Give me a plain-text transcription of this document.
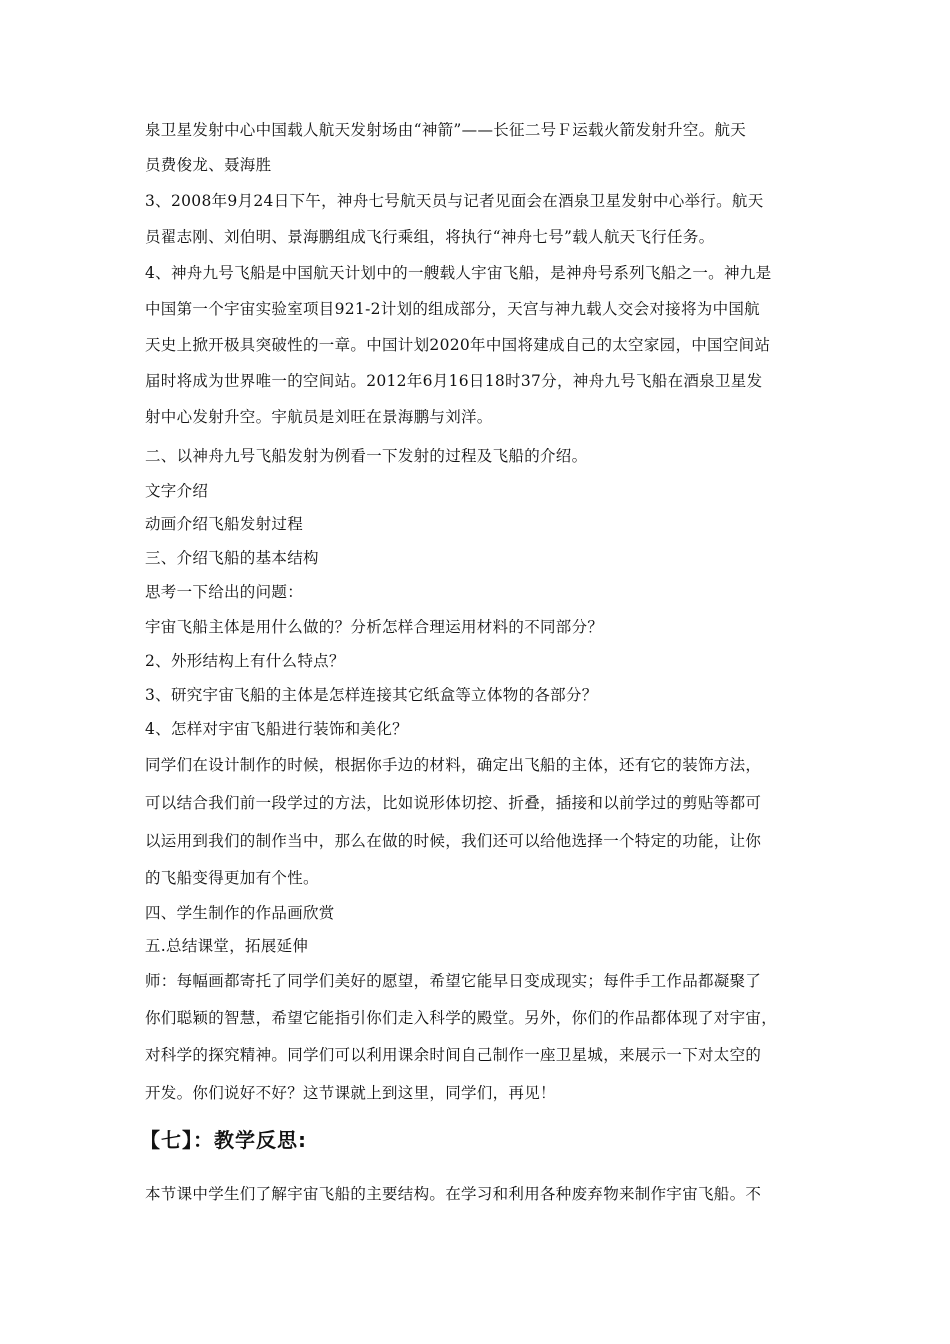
泉卫星发射中心中国载人航天发射场由“神箭”——长征二号Ｆ运载火箭发射升空。航天
员费俊龙、聂海胜
3、2008年9月24日下午，神舟七号航天员与记者见面会在酒泉卫星发射中心举行。航天
员翟志刚、刘伯明、景海鹏组成飞行乘组，将执行“神舟七号”载人航天飞行任务。
4、神舟九号飞船是中国航天计划中的一艘载人宇宙飞船，是神舟号系列飞船之一。神九是
中国第一个宇宙实验室项目921-2计划的组成部分，天宫与神九载人交会对接将为中国航
天史上掀开极具突破性的一章。中国计划2020年中国将建成自己的太空家园，中国空间站
届时将成为世界唯一的空间站。2012年6月16日18时37分，神舟九号飞船在酒泉卫星发
射中心发射升空。宇航员是刘旺在景海鹏与刘洋。
二、以神舟九号飞船发射为例看一下发射的过程及飞船的介绍。
文字介绍
动画介绍飞船发射过程
三、介绍飞船的基本结构
思考一下给出的问题：
宇宙飞船主体是用什么做的？分析怎样合理运用材料的不同部分？
2、外形结构上有什么特点？
3、研究宇宙飞船的主体是怎样连接其它纸盒等立体物的各部分？
4、怎样对宇宙飞船进行装饰和美化？
同学们在设计制作的时候，根据你手边的材料，确定出飞船的主体，还有它的装饰方法，
可以结合我们前一段学过的方法，比如说形体切挖、折叠，插接和以前学过的剪贴等都可
以运用到我们的制作当中，那么在做的时候，我们还可以给他选择一个特定的功能，让你
的飞船变得更加有个性。
四、学生制作的作品画欣赏
五.总结课堂，拓展延伸
师：每幅画都寄托了同学们美好的愿望，希望它能早日变成现实；每件手工作品都凝聚了
你们聪颖的智慧，希望它能指引你们走入科学的殿堂。另外，你们的作品都体现了对宇宙，
对科学的探究精神。同学们可以利用课余时间自己制作一座卫星城，来展示一下对太空的
开发。你们说好不好？这节课就上到这里，同学们，再见！
【七】：教学反思:
本节课中学生们了解宇宙飞船的主要结构。在学习和利用各种废弃物来制作宇宙飞船。不
